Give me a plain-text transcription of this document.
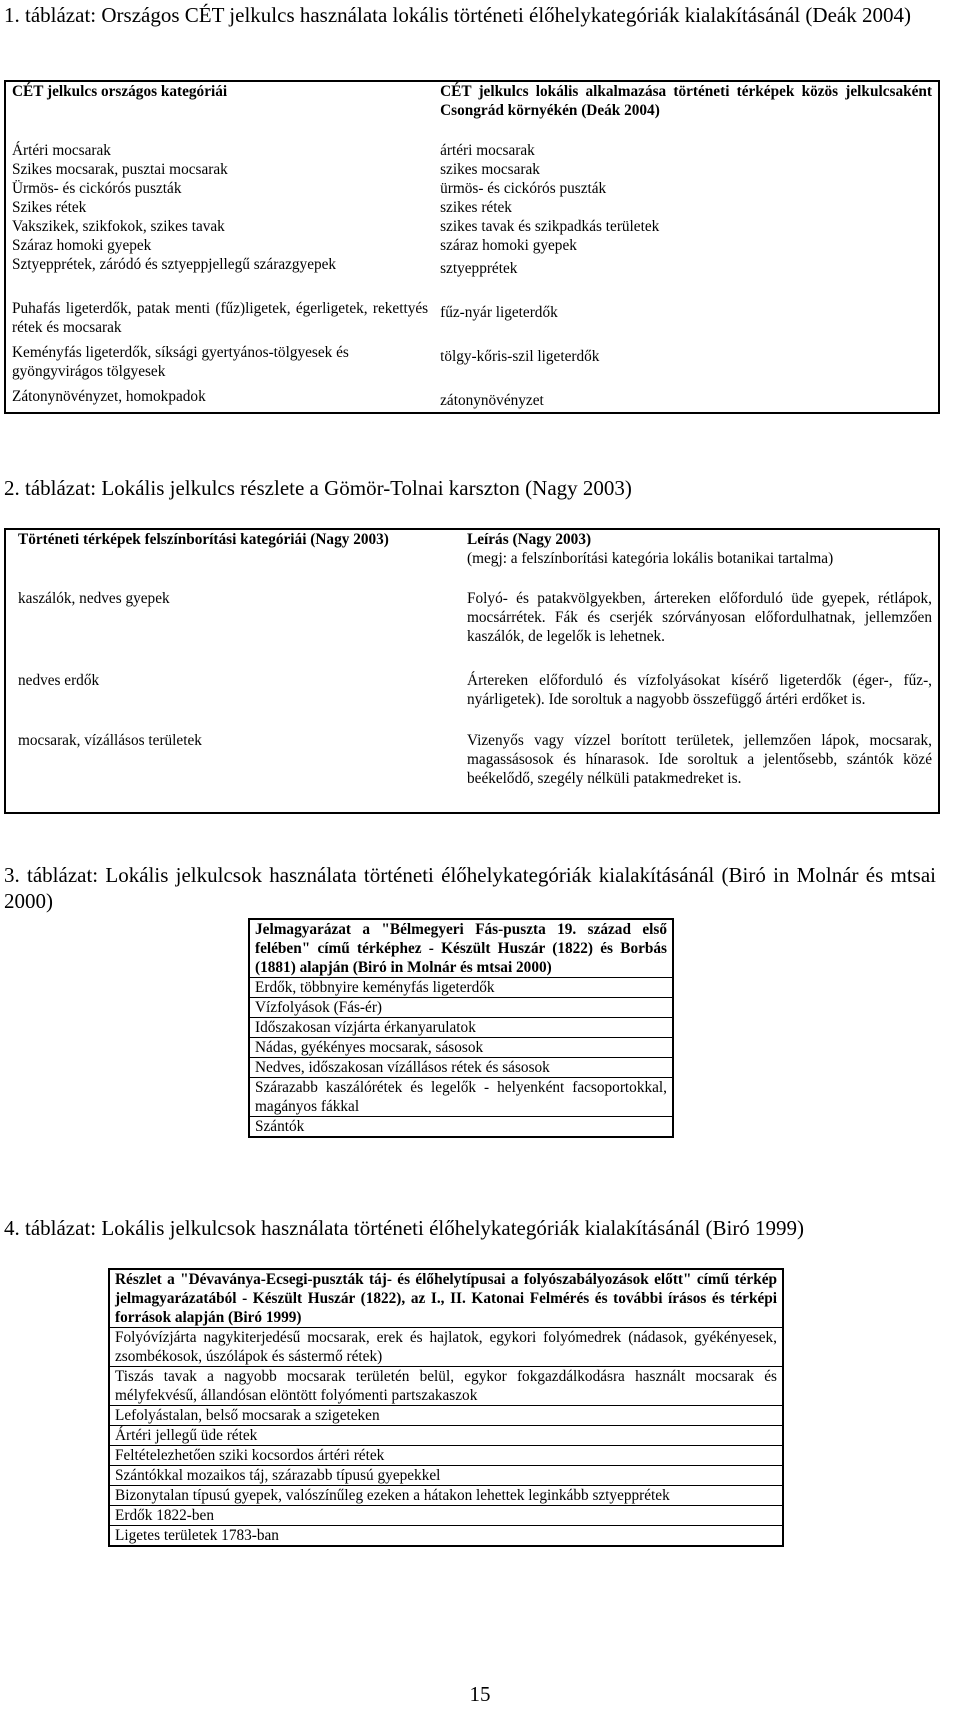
1. táblázat: Országos CÉT jelkulcs használata lokális történeti élőhelykategóriák kialakításánál (Deák 2004)
CÉT jelkulcs országos kategóriái	CÉT jelkulcs lokális alkalmazása történeti térképek közös jelkulcsaként Csongrád környékén (Deák 2004)
Ártéri mocsarak	ártéri mocsarak
Szikes mocsarak, pusztai mocsarak	szikes mocsarak
Ürmös- és cickórós puszták	ürmös- és cickórós puszták
Szikes rétek	szikes rétek
Vakszikek, szikfokok, szikes tavak	szikes tavak és szikpadkás területek
Száraz homoki gyepek	száraz homoki gyepek
Sztyepprétek, záródó és sztyeppjellegű szárazgyepek	sztyepprétek
Puhafás ligeterdők, patak menti (fűz)ligetek, égerligetek, rekettyés rétek és mocsarak	fűz-nyár ligeterdők
Keményfás ligeterdők, síksági gyertyános-tölgyesek és gyöngyvirágos tölgyesek	tölgy-kőris-szil ligeterdők
Zátonynövényzet, homokpadok	zátonynövényzet
2. táblázat: Lokális jelkulcs részlete a Gömör-Tolnai karszton (Nagy 2003)
Történeti térképek felszínborítási kategóriái (Nagy 2003)	Leírás (Nagy 2003)
(megj: a felszínborítási kategória lokális botanikai tartalma)

kaszálók, nedves gyepek	Folyó- és patakvölgyekben, ártereken előforduló üde gyepek, rétlápok, mocsárrétek. Fák és cserjék szórványosan előfordulhatnak, jellemzően kaszálók, de legelők is lehetnek.
nedves erdők	Ártereken előforduló és vízfolyásokat kísérő ligeterdők (éger-, fűz-, nyárligetek). Ide soroltuk a nagyobb összefüggő ártéri erdőket is.
mocsarak, vízállásos területek	Vizenyős vagy vízzel borított területek, jellemzően lápok, mocsarak, magassásosok és hínarasok. Ide soroltuk a jelentősebb, szántók közé beékelődő, szegély nélküli patakmedreket is.
3. táblázat: Lokális jelkulcsok használata történeti élőhelykategóriák kialakításánál (Biró in Molnár és mtsai 2000)
Jelmagyarázat a "Bélmegyeri Fás-puszta 19. század első felében" című térképhez - Készült Huszár (1822) és Borbás (1881) alapján (Biró in Molnár és mtsai 2000)
Erdők, többnyire keményfás ligeterdők
Vízfolyások (Fás-ér)
Időszakosan vízjárta érkanyarulatok
Nádas, gyékényes mocsarak, sásosok
Nedves, időszakosan vízállásos rétek és sásosok
Szárazabb kaszálórétek és legelők - helyenként facsoportokkal, magányos fákkal
Szántók
4. táblázat: Lokális jelkulcsok használata történeti élőhelykategóriák kialakításánál (Biró 1999)
Részlet a "Dévaványa-Ecsegi-puszták táj- és élőhelytípusai a folyószabályozások előtt" című térkép jelmagyarázatából - Készült Huszár (1822), az I., II. Katonai Felmérés és további írásos és térképi források alapján (Biró 1999)
Folyóvízjárta nagykiterjedésű mocsarak, erek és hajlatok, egykori folyómedrek (nádasok, gyékényesek, zsombékosok, úszólápok és sástermő rétek)
Tiszás tavak a nagyobb mocsarak területén belül, egykor fokgazdálkodásra használt mocsarak és mélyfekvésű, állandósan elöntött folyómenti partszakaszok
Lefolyástalan, belső mocsarak a szigeteken
Ártéri jellegű üde rétek
Feltételezhetően sziki kocsordos ártéri rétek
Szántókkal mozaikos táj, szárazabb típusú gyepekkel
Bizonytalan típusú gyepek, valószínűleg ezeken a hátakon lehettek leginkább sztyepprétek
Erdők 1822-ben
Ligetes területek 1783-ban
15
